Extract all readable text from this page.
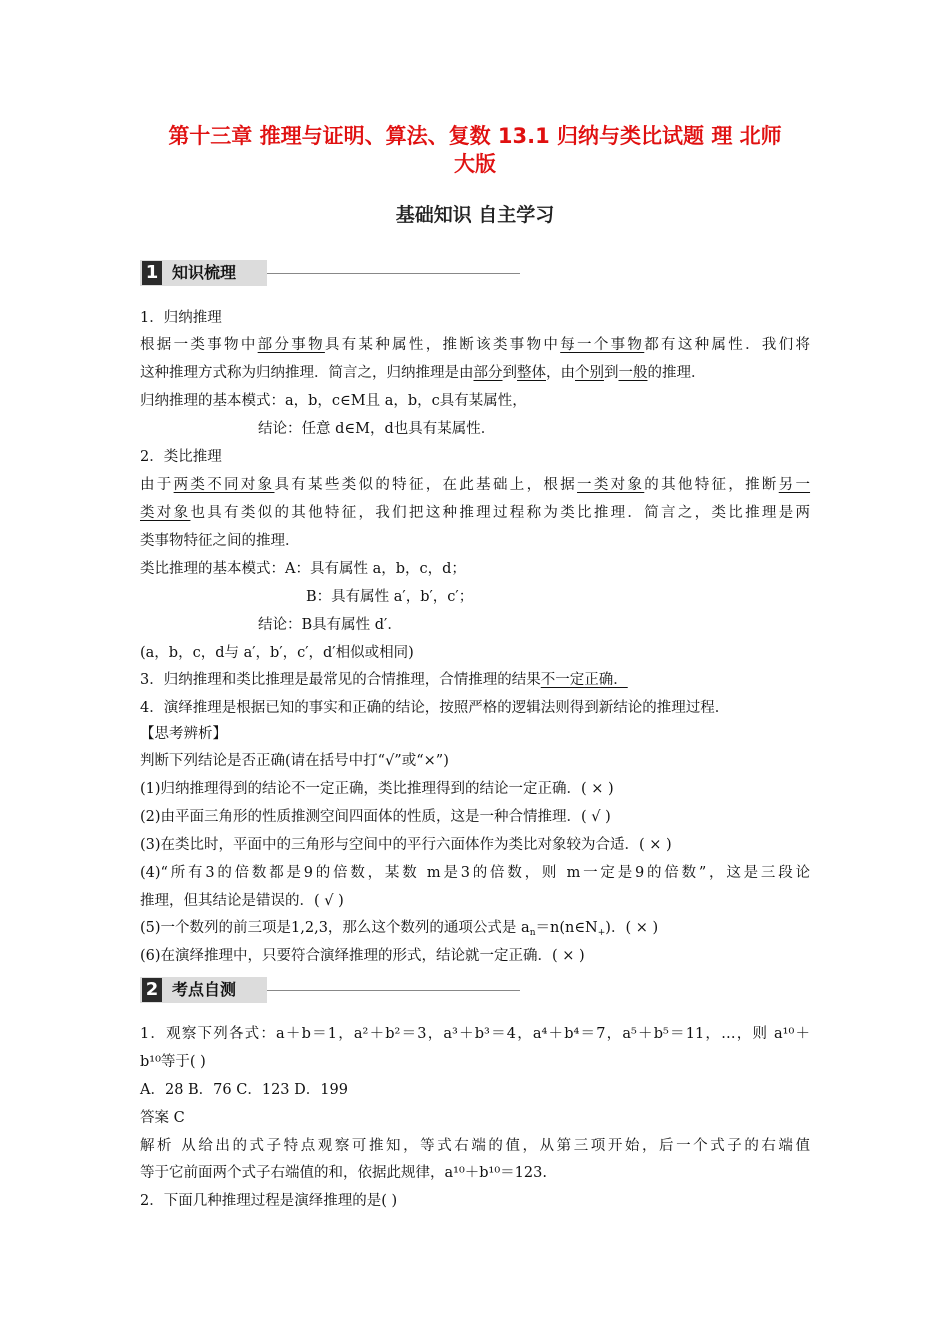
第十三章 推理与证明、算法、复数 13.1 归纳与类比试题 理 北师
大版
基础知识 自主学习
1 知识梳理
1．归纳推理
根据一类事物中部分事物具有某种属性，推断该类事物中每一个事物都有这种属性．我们将
这种推理方式称为归纳推理．简言之，归纳推理是由部分到整体，由个别到一般的推理．
归纳推理的基本模式：a，b，c∈M且 a，b，c具有某属性，
结论：任意 d∈M，d也具有某属性．
2．类比推理
由于两类不同对象具有某些类似的特征，在此基础上，根据一类对象的其他特征，推断另一
类对象也具有类似的其他特征，我们把这种推理过程称为类比推理．简言之，类比推理是两
类事物特征之间的推理．
类比推理的基本模式：A：具有属性 a，b，c，d；
B：具有属性 a′，b′，c′；
结论：B具有属性 d′．
(a，b，c，d与 a′，b′，c′，d′相似或相同)
3．归纳推理和类比推理是最常见的合情推理，合情推理的结果不一定正确．
4．演绎推理是根据已知的事实和正确的结论，按照严格的逻辑法则得到新结论的推理过程．
【思考辨析】
判断下列结论是否正确(请在括号中打“√”或“×”)
(1)归纳推理得到的结论不一定正确，类比推理得到的结论一定正确．( × )
(2)由平面三角形的性质推测空间四面体的性质，这是一种合情推理．( √ )
(3)在类比时，平面中的三角形与空间中的平行六面体作为类比对象较为合适．( × )
(4)“所有3的倍数都是9的倍数，某数 m是3的倍数，则 m一定是9的倍数”，这是三段论
推理，但其结论是错误的．( √ )
(5)一个数列的前三项是1,2,3，那么这个数列的通项公式是 $a_n=n(n\in N_+)$．( × )
(6)在演绎推理中，只要符合演绎推理的形式，结论就一定正确．( × )
2 考点自测
1．观察下列各式：a＋b＝1，a²＋b²＝3，a³＋b³＝4，a⁴＋b⁴＝7，a⁵＋b⁵＝11，…，则 a¹⁰＋
b¹⁰等于( )
A．28 B．76 C．123 D．199
答案 C
解析 从给出的式子特点观察可推知，等式右端的值，从第三项开始，后一个式子的右端值
等于它前面两个式子右端值的和，依据此规律，a¹⁰＋b¹⁰＝123.
2．下面几种推理过程是演绎推理的是( )
